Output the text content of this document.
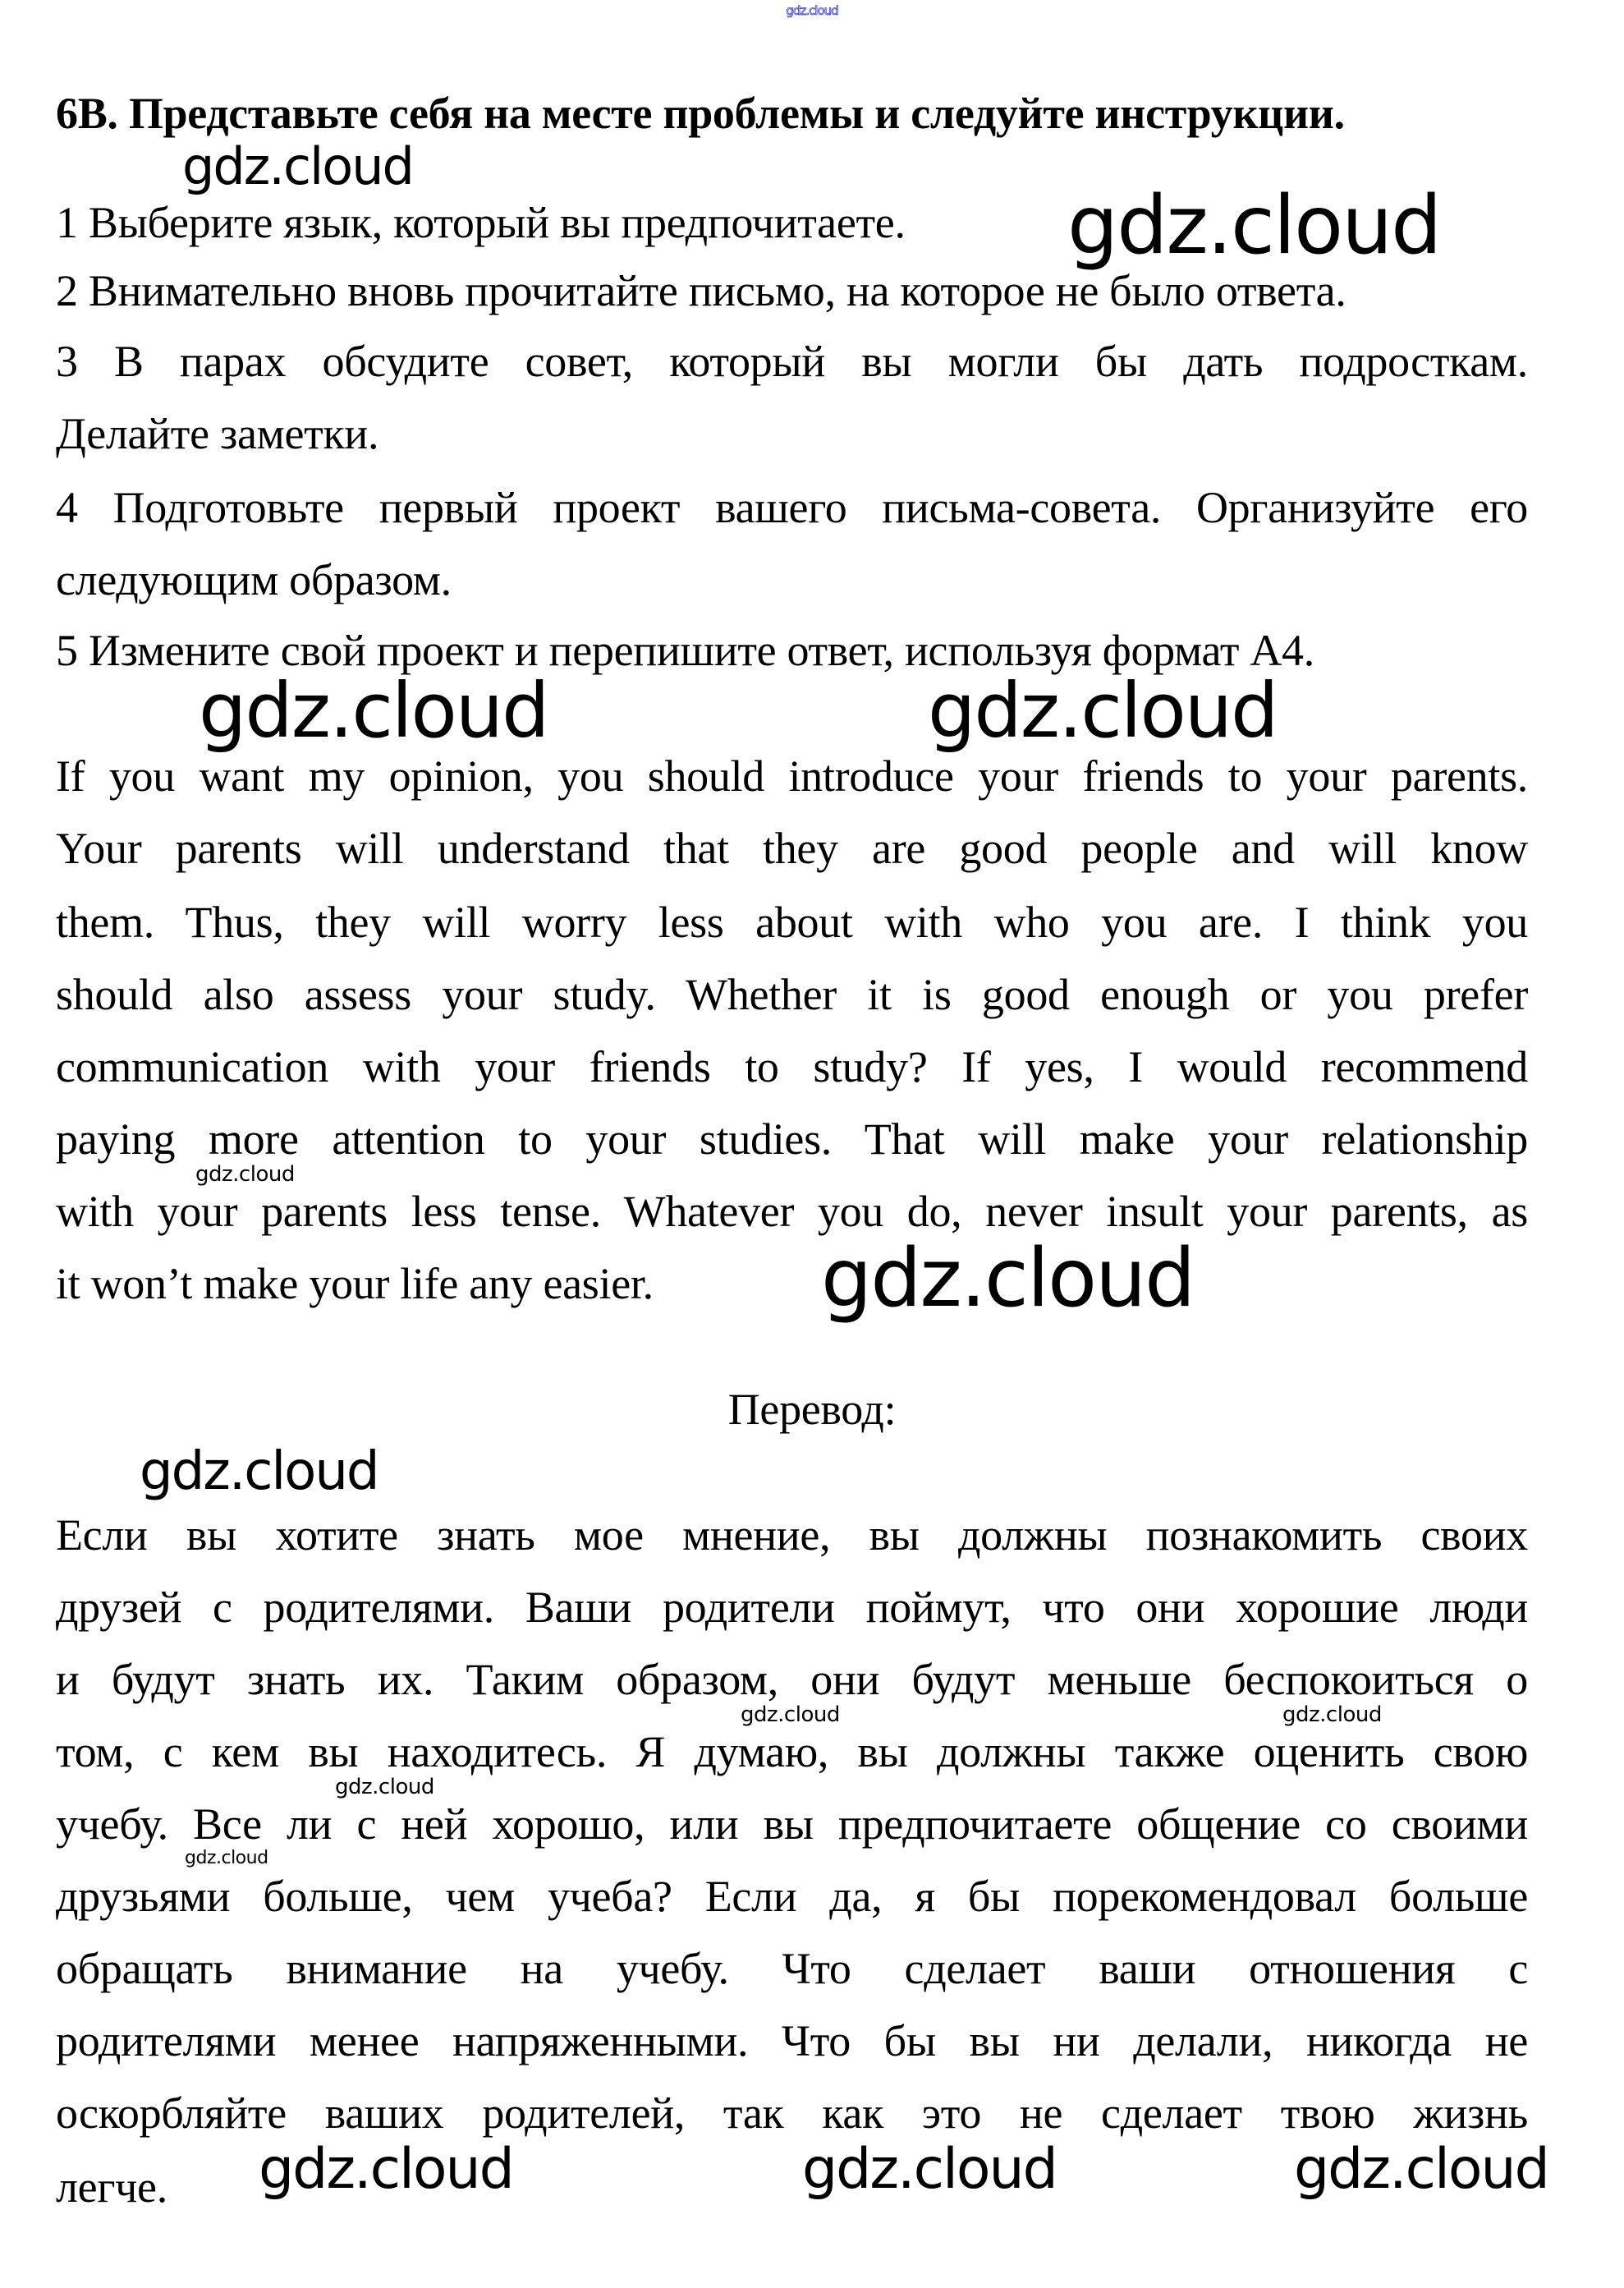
gdz.cloud
6B. Представьте себя на месте проблемы и следуйте инструкции.
1 Выберите язык, который вы предпочитаете.
2 Внимательно вновь прочитайте письмо, на которое не было ответа.
3 В парах обсудите совет, который вы могли бы дать подросткам.
Делайте заметки.
4 Подготовьте первый проект вашего письма-совета. Организуйте его
следующим образом.
5 Измените свой проект и перепишите ответ, используя формат A4.
If you want my opinion, you should introduce your friends to your parents.
Your parents will understand that they are good people and will know
them. Thus, they will worry less about with who you are. I think you
should also assess your study. Whether it is good enough or you prefer
communication with your friends to study? If yes, I would recommend
paying more attention to your studies. That will make your relationship
with your parents less tense. Whatever you do, never insult your parents, as
it won’t make your life any easier.
Перевод:
Если вы хотите знать мое мнение, вы должны познакомить своих
друзей с родителями. Ваши родители поймут, что они хорошие люди
и будут знать их. Таким образом, они будут меньше беспокоиться о
том, с кем вы находитесь. Я думаю, вы должны также оценить свою
учебу. Все ли с ней хорошо, или вы предпочитаете общение со своими
друзьями больше, чем учеба? Если да, я бы порекомендовал больше
обращать внимание на учебу. Что сделает ваши отношения с
родителями менее напряженными. Что бы вы ни делали, никогда не
оскорбляйте ваших родителей, так как это не сделает твою жизнь
легче.
gdz.cloud
gdz.cloud
gdz.cloud	gdz.cloud
gdz.cloud
gdz.cloud
gdz.cloud
gdz.cloud	gdz.cloud
gdz.cloud
gdz.cloud
gdz.cloud	gdz.cloud	gdz.cloud
